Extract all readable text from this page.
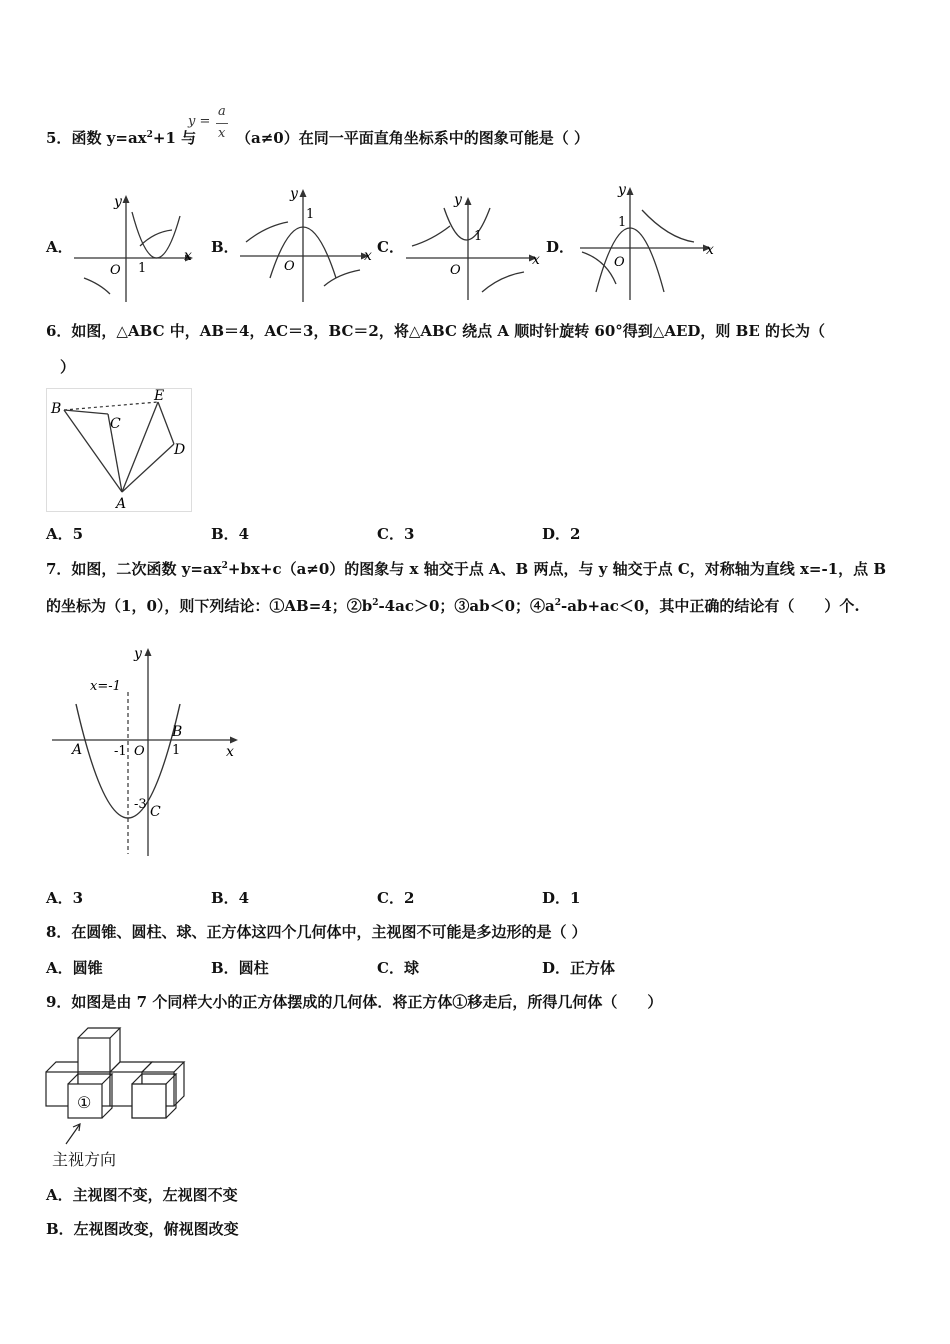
5．函数 $y=ax^2+1$ 与
y =
a
x （a≠0）在同一平面直角坐标系中的图象可能是（ ）
A．	B．	C．	D．
y
x
O 1
y
x
O
1
y
x
O
1
y
x
O
1
6．如图，△ABC 中，AB＝4，AC＝3，BC＝2，将△ABC 绕点 A 顺时针旋转 60°得到△AED，则 BE 的长为（
）
B
C
E
D
A
A．5	B．4	C．3	D．2
7．如图，二次函数 $y=ax^2+bx+c(a\ne 0)$的图象与 x 轴交于点 A、B 两点，与 y 轴交于点 C，对称轴为直线 x=-1，点 B
的坐标为（1，0），则下列结论：①AB=4；$②b^2-4ac>0$；③ab＜0；$④a^2-ab+ac<0$，其中正确的结论有（　　）个.
x=-1
y
x
A
B
-1 O 1
-3 C
A．3	B．4	C．2	D．1
8．在圆锥、圆柱、球、正方体这四个几何体中，主视图不可能是多边形的是（ ）
A．圆锥	B．圆柱	C．球	D．正方体
9．如图是由 7 个同样大小的正方体摆成的几何体．将正方体①移走后，所得几何体（　　）
①
主视方向
A．主视图不变，左视图不变
B．左视图改变，俯视图改变
